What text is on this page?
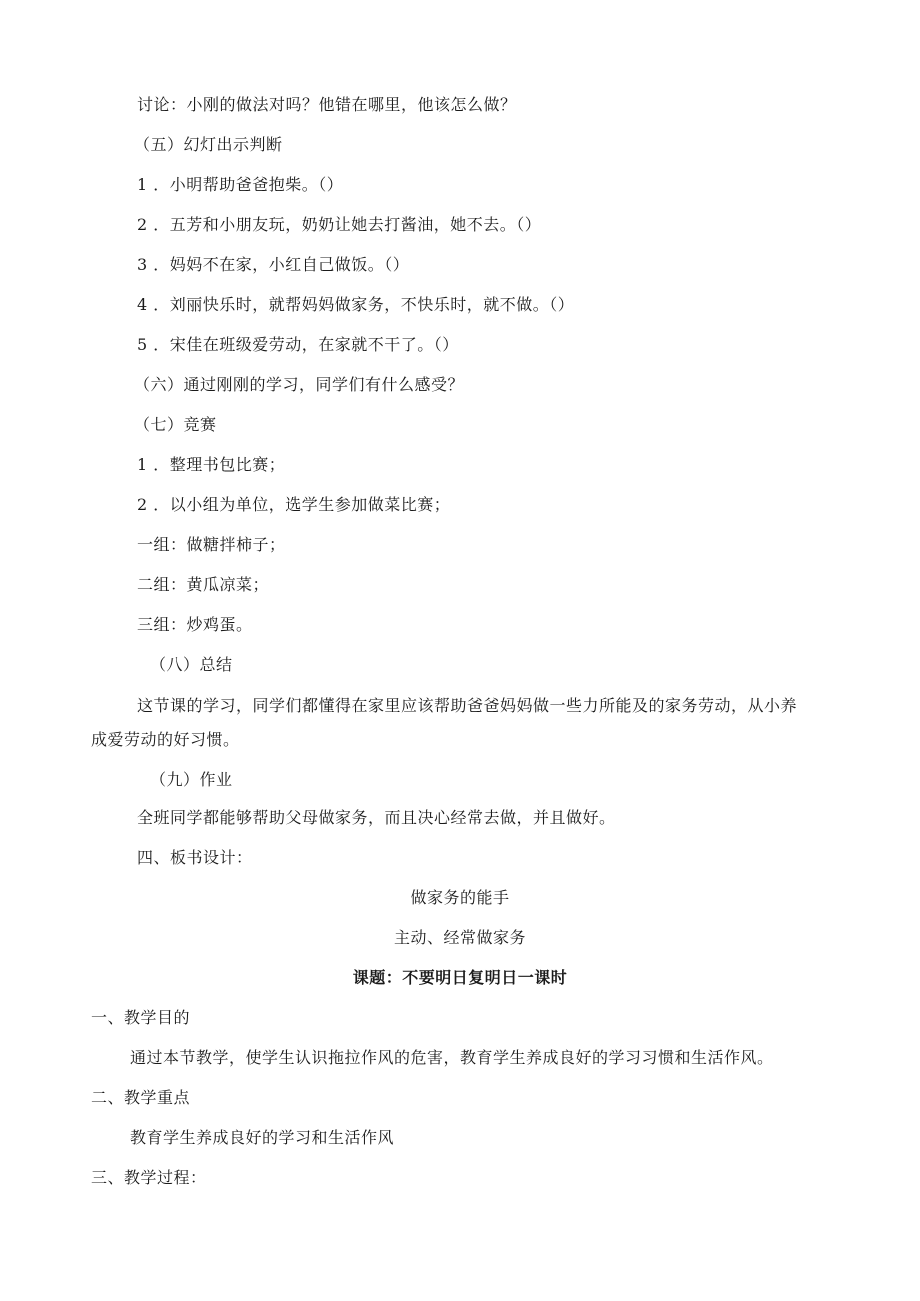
讨论：小刚的做法对吗？他错在哪里，他该怎么做？
（五）幻灯出示判断
1 ．小明帮助爸爸抱柴。（）
2 ．五芳和小朋友玩，奶奶让她去打酱油，她不去。（）
3 ．妈妈不在家，小红自己做饭。（）
4 ．刘丽快乐时，就帮妈妈做家务，不快乐时，就不做。（）
5 ．宋佳在班级爱劳动，在家就不干了。（）
（六）通过刚刚的学习，同学们有什么感受？
（七）竞赛
1 ．整理书包比赛；
2 ．以小组为单位，选学生参加做菜比赛；
一组：做糖拌柿子；
二组：黄瓜凉菜；
三组：炒鸡蛋。
（八）总结
这节课的学习，同学们都懂得在家里应该帮助爸爸妈妈做一些力所能及的家务劳动，从小养
成爱劳动的好习惯。
（九）作业
全班同学都能够帮助父母做家务，而且决心经常去做，并且做好。
四、板书设计：
做家务的能手
主动、经常做家务
课题：不要明日复明日一课时
一、教学目的
通过本节教学，使学生认识拖拉作风的危害，教育学生养成良好的学习习惯和生活作风。
二、教学重点
教育学生养成良好的学习和生活作风
三、教学过程：
